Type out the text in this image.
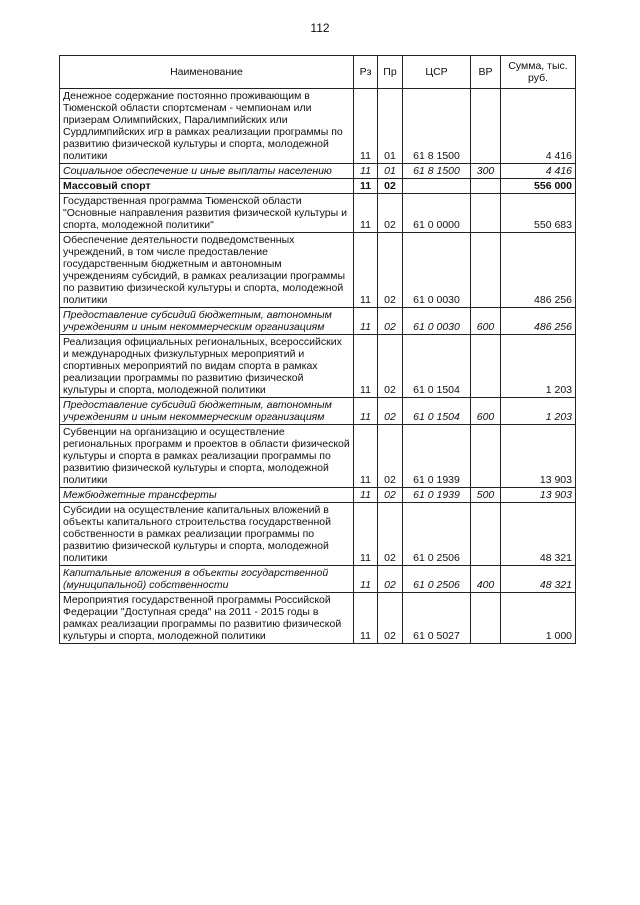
112
Наименование	Рз	Пр	ЦСР	ВР	Сумма, тыс. руб.
Денежное содержание постоянно проживающим в Тюменской области спортсменам - чемпионам или призерам Олимпийских, Паралимпийских или Сурдлимпийских игр в рамках реализации программы по развитию физической культуры и спорта, молодежной политики	11	01	61 8 1500		4 416
Социальное обеспечение и иные выплаты населению	11	01	61 8 1500	300	4 416
Массовый спорт	11	02			556 000
Государственная программа Тюменской области "Основные направления развития физической культуры и спорта, молодежной политики"	11	02	61 0 0000		550 683
Обеспечение деятельности подведомственных учреждений, в том числе предоставление государственным бюджетным и автономным учреждениям субсидий, в рамках реализации программы по развитию физической культуры и спорта, молодежной политики	11	02	61 0 0030		486 256
Предоставление субсидий бюджетным, автономным учреждениям и иным некоммерческим организациям	11	02	61 0 0030	600	486 256
Реализация официальных региональных, всероссийских и международных физкультурных мероприятий и спортивных мероприятий по видам спорта в рамках реализации программы по развитию физической культуры и спорта, молодежной политики	11	02	61 0 1504		1 203
Предоставление субсидий бюджетным, автономным учреждениям и иным некоммерческим организациям	11	02	61 0 1504	600	1 203
Субвенции на организацию и осуществление региональных программ и проектов в области физической культуры и спорта в рамках реализации программы по развитию физической культуры и спорта, молодежной политики	11	02	61 0 1939		13 903
Межбюджетные трансферты	11	02	61 0 1939	500	13 903
Субсидии на осуществление капитальных вложений в объекты капитального строительства государственной собственности в рамках реализации программы по развитию физической культуры и спорта, молодежной политики	11	02	61 0 2506		48 321
Капитальные вложения в объекты государственной (муниципальной) собственности	11	02	61 0 2506	400	48 321
Мероприятия государственной программы Российской Федерации "Доступная среда" на 2011 - 2015 годы в рамках реализации программы по развитию физической культуры и спорта, молодежной политики	11	02	61 0 5027		1 000
